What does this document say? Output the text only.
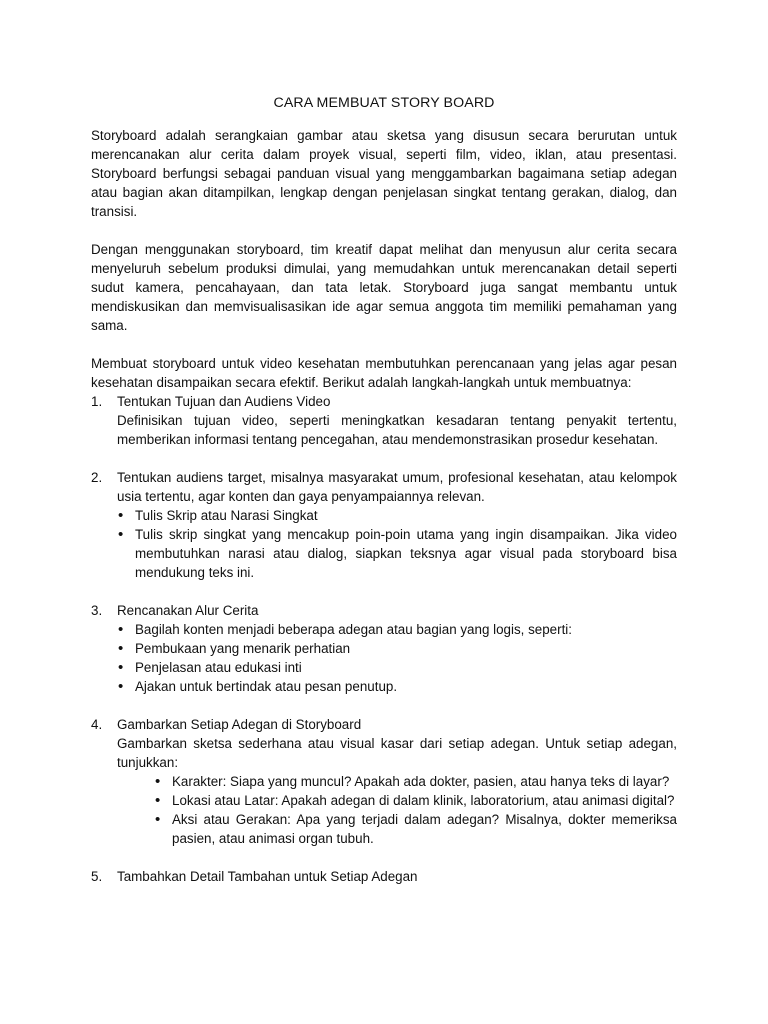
CARA MEMBUAT STORY BOARD

Storyboard adalah serangkaian gambar atau sketsa yang disusun secara berurutan untuk merencanakan alur cerita dalam proyek visual, seperti film, video, iklan, atau presentasi. Storyboard berfungsi sebagai panduan visual yang menggambarkan bagaimana setiap adegan atau bagian akan ditampilkan, lengkap dengan penjelasan singkat tentang gerakan, dialog, dan transisi.

Dengan menggunakan storyboard, tim kreatif dapat melihat dan menyusun alur cerita secara menyeluruh sebelum produksi dimulai, yang memudahkan untuk merencanakan detail seperti sudut kamera, pencahayaan, dan tata letak. Storyboard juga sangat membantu untuk mendiskusikan dan memvisualisasikan ide agar semua anggota tim memiliki pemahaman yang sama.

Membuat storyboard untuk video kesehatan membutuhkan perencanaan yang jelas agar pesan kesehatan disampaikan secara efektif. Berikut adalah langkah-langkah untuk membuatnya:

1. Tentukan Tujuan dan Audiens Video

Definisikan tujuan video, seperti meningkatkan kesadaran tentang penyakit tertentu, memberikan informasi tentang pencegahan, atau mendemonstrasikan prosedur kesehatan.

2. Tentukan audiens target, misalnya masyarakat umum, profesional kesehatan, atau kelompok usia tertentu, agar konten dan gaya penyampaiannya relevan.

• Tulis Skrip atau Narasi Singkat
• Tulis skrip singkat yang mencakup poin-poin utama yang ingin disampaikan. Jika video membutuhkan narasi atau dialog, siapkan teksnya agar visual pada storyboard bisa mendukung teks ini.
3. Rencanakan Alur Cerita
• Bagilah konten menjadi beberapa adegan atau bagian yang logis, seperti:
• Pembukaan yang menarik perhatian
• Penjelasan atau edukasi inti
• Ajakan untuk bertindak atau pesan penutup.
4. Gambarkan Setiap Adegan di Storyboard

Gambarkan sketsa sederhana atau visual kasar dari setiap adegan. Untuk setiap adegan, tunjukkan:

• Karakter: Siapa yang muncul? Apakah ada dokter, pasien, atau hanya teks di layar?
• Lokasi atau Latar: Apakah adegan di dalam klinik, laboratorium, atau animasi digital?
• Aksi atau Gerakan: Apa yang terjadi dalam adegan? Misalnya, dokter memeriksa pasien, atau animasi organ tubuh.
5. Tambahkan Detail Tambahan untuk Setiap Adegan
